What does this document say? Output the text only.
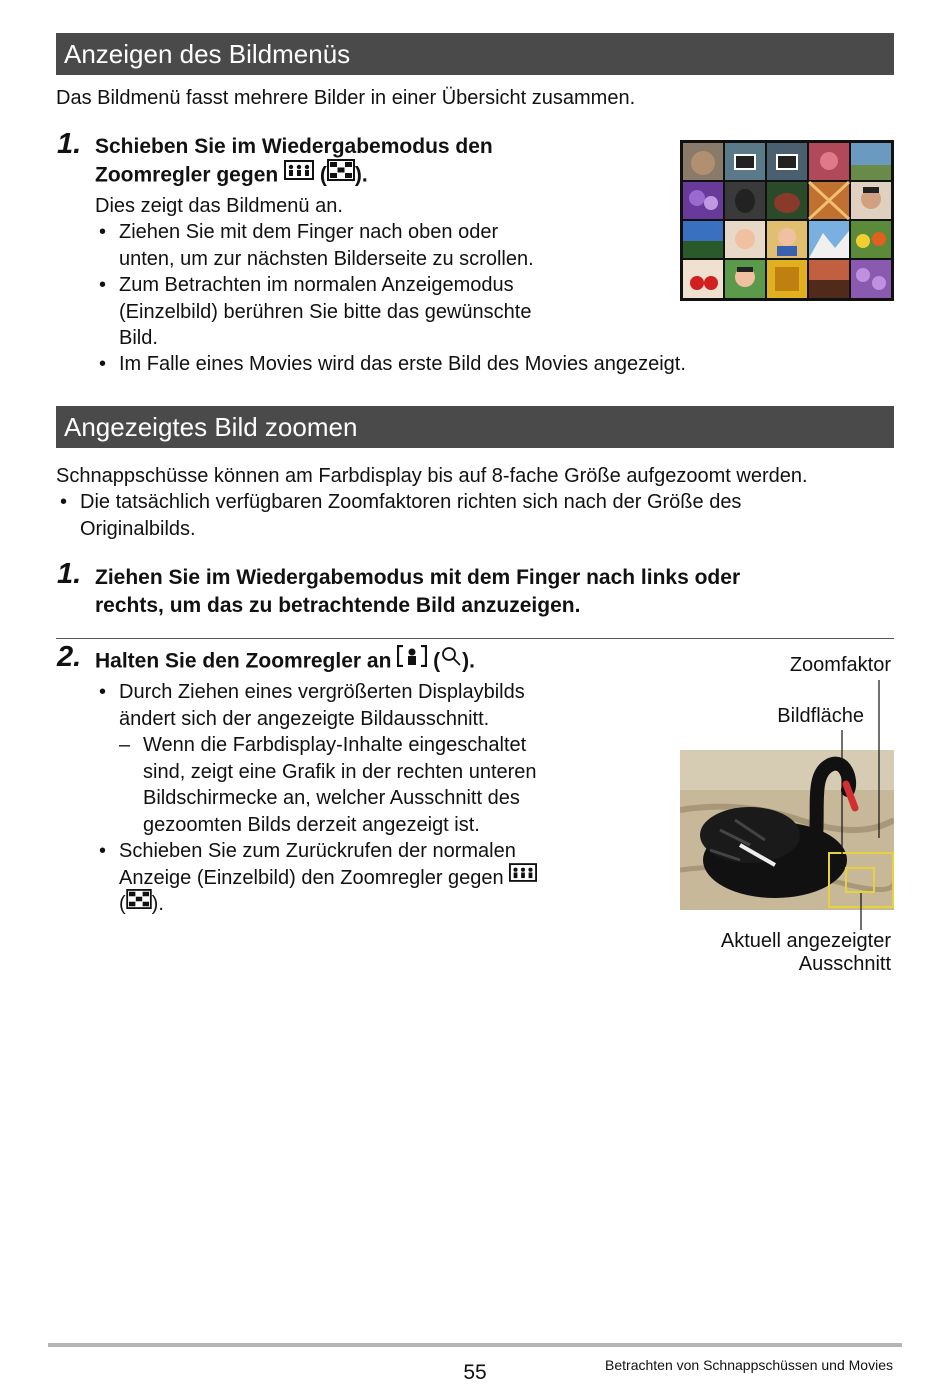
Anzeigen des Bildmenüs
Das Bildmenü fasst mehrere Bilder in einer Übersicht zusammen.
1. Schieben Sie im Wiedergabemodus den
Zoomregler gegen ( ).
Dies zeigt das Bildmenü an.
• Ziehen Sie mit dem Finger nach oben oder
unten, um zur nächsten Bilderseite zu scrollen.
• Zum Betrachten im normalen Anzeigemodus
(Einzelbild) berühren Sie bitte das gewünschte
Bild.
• Im Falle eines Movies wird das erste Bild des Movies angezeigt.
Angezeigtes Bild zoomen
Schnappschüsse können am Farbdisplay bis auf 8-fache Größe aufgezoomt werden.
• Die tatsächlich verfügbaren Zoomfaktoren richten sich nach der Größe des
Originalbilds.
1. Ziehen Sie im Wiedergabemodus mit dem Finger nach links oder
rechts, um das zu betrachtende Bild anzuzeigen.
2. Halten Sie den Zoomregler an ( ).
• Durch Ziehen eines vergrößerten Displaybilds
ändert sich der angezeigte Bildausschnitt.
– Wenn die Farbdisplay-Inhalte eingeschaltet
sind, zeigt eine Grafik in der rechten unteren
Bildschirmecke an, welcher Ausschnitt des
gezoomten Bilds derzeit angezeigt ist.
• Schieben Sie zum Zurückrufen der normalen
Anzeige (Einzelbild) den Zoomregler gegen
( ).
Zoomfaktor
Bildfläche
Aktuell angezeigter
Ausschnitt
55	Betrachten von Schnappschüssen und Movies
